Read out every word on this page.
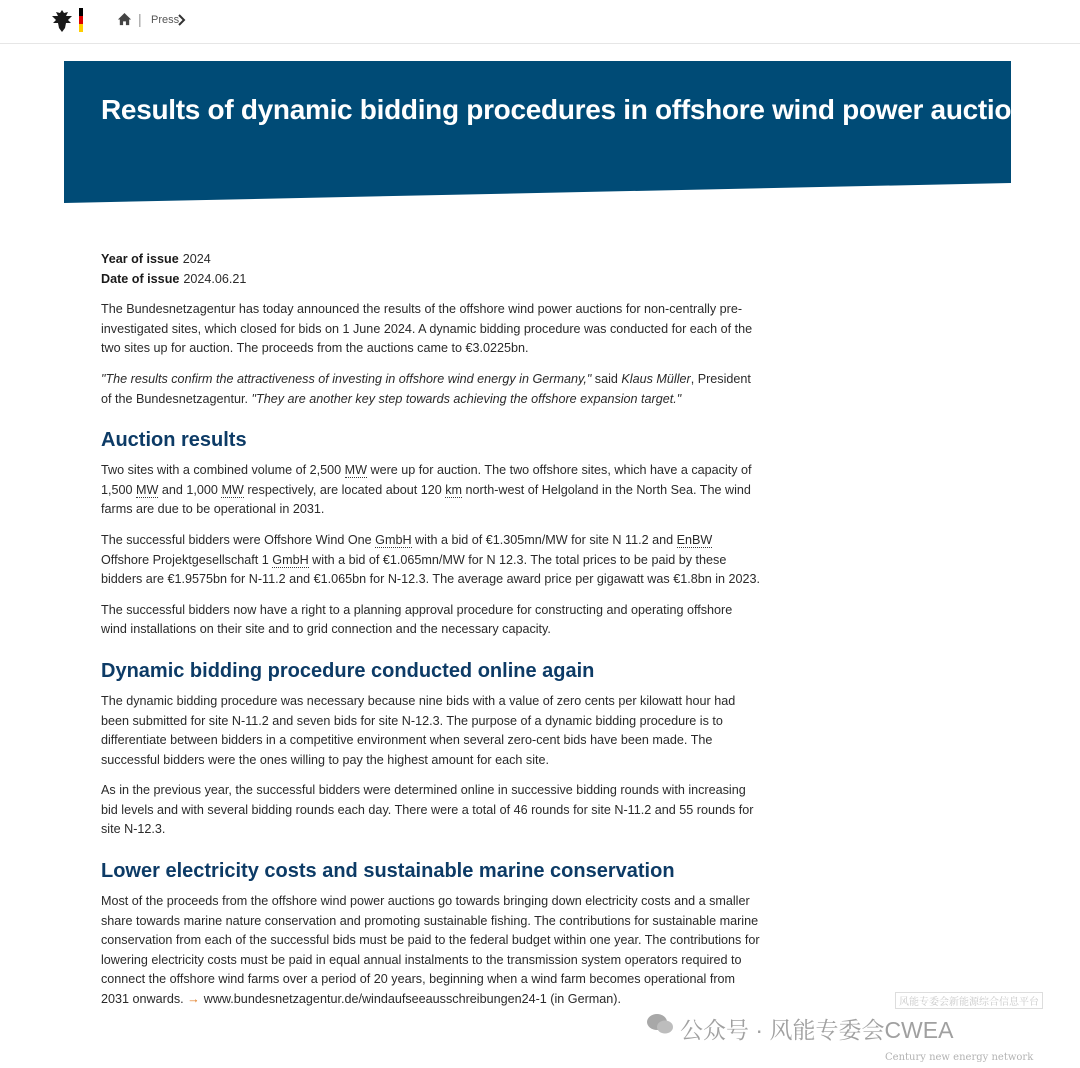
| Press
Results of dynamic bidding procedures in offshore wind power auctions
Year of issue 2024
Date of issue 2024.06.21

The Bundesnetzagentur has today announced the results of the offshore wind power auctions for non-centrally pre-investigated sites, which closed for bids on 1 June 2024. A dynamic bidding procedure was conducted for each of the two sites up for auction. The proceeds from the auctions came to €3.0225bn.

"The results confirm the attractiveness of investing in offshore wind energy in Germany," said Klaus Müller, President of the Bundesnetzagentur. "They are another key step towards achieving the offshore expansion target."

Auction results

Two sites with a combined volume of 2,500 MW were up for auction. The two offshore sites, which have a capacity of 1,500 MW and 1,000 MW respectively, are located about 120 km north-west of Helgoland in the North Sea. The wind farms are due to be operational in 2031.

The successful bidders were Offshore Wind One GmbH with a bid of €1.305mn/MW for site N 11.2 and EnBW Offshore Projektgesellschaft 1 GmbH with a bid of €1.065mn/MW for N 12.3. The total prices to be paid by these bidders are €1.9575bn for N-11.2 and €1.065bn for N-12.3. The average award price per gigawatt was €1.8bn in 2023.

The successful bidders now have a right to a planning approval procedure for constructing and operating offshore wind installations on their site and to grid connection and the necessary capacity.

Dynamic bidding procedure conducted online again

The dynamic bidding procedure was necessary because nine bids with a value of zero cents per kilowatt hour had been submitted for site N-11.2 and seven bids for site N-12.3. The purpose of a dynamic bidding procedure is to differentiate between bidders in a competitive environment when several zero-cent bids have been made. The successful bidders were the ones willing to pay the highest amount for each site.

As in the previous year, the successful bidders were determined online in successive bidding rounds with increasing bid levels and with several bidding rounds each day. There were a total of 46 rounds for site N-11.2 and 55 rounds for site N-12.3.

Lower electricity costs and sustainable marine conservation

Most of the proceeds from the offshore wind power auctions go towards bringing down electricity costs and a smaller share towards marine nature conservation and promoting sustainable fishing. The contributions for sustainable marine conservation from each of the successful bids must be paid to the federal budget within one year. The contributions for lowering electricity costs must be paid in equal annual instalments to the transmission system operators required to connect the offshore wind farms over a period of 20 years, beginning when a wind farm becomes operational from 2031 onwards. → www.bundesnetzagentur.de/windaufseeausschreibungen24-1 (in German).	风能专委会新能源综合信息平台
公众号 · 风能专委会CWEA
Century new energy network
